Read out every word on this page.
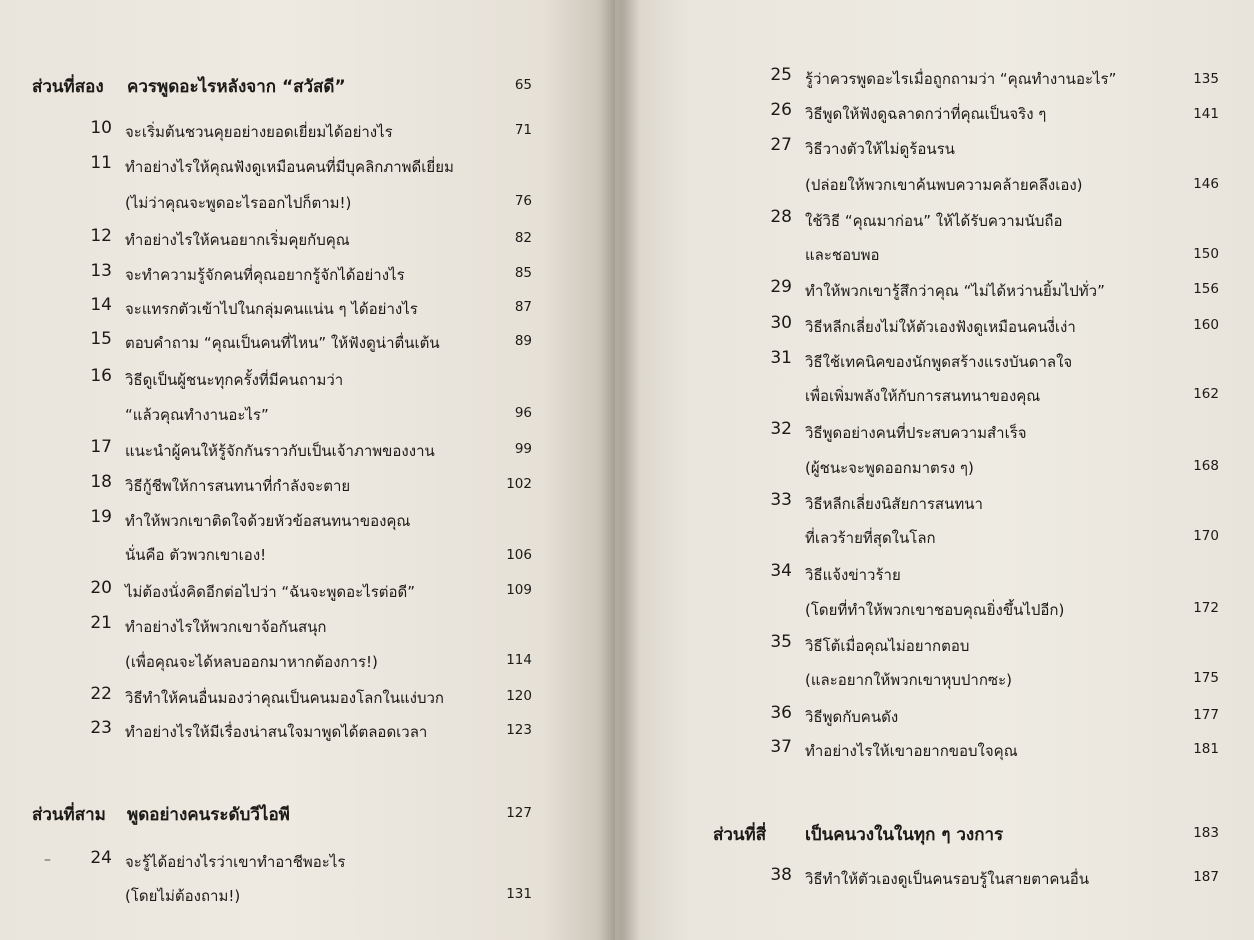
ส่วนที่สอง ควรพูดอะไรหลังจาก “สวัสดี”	65
10 จะเริ่มต้นชวนคุยอย่างยอดเยี่ยมได้อย่างไร	71
11 ทำอย่างไรให้คุณฟังดูเหมือนคนที่มีบุคลิกภาพดีเยี่ยม
(ไม่ว่าคุณจะพูดอะไรออกไปก็ตาม!)	76
12 ทำอย่างไรให้คนอยากเริ่มคุยกับคุณ	82
13 จะทำความรู้จักคนที่คุณอยากรู้จักได้อย่างไร	85
14 จะแทรกตัวเข้าไปในกลุ่มคนแน่น ๆ ได้อย่างไร	87
15 ตอบคำถาม “คุณเป็นคนที่ไหน” ให้ฟังดูน่าตื่นเต้น	89
16 วิธีดูเป็นผู้ชนะทุกครั้งที่มีคนถามว่า
“แล้วคุณทำงานอะไร”	96
17 แนะนำผู้คนให้รู้จักกันราวกับเป็นเจ้าภาพของงาน	99
18 วิธีกู้ชีพให้การสนทนาที่กำลังจะตาย	102
19 ทำให้พวกเขาติดใจด้วยหัวข้อสนทนาของคุณ
นั่นคือ ตัวพวกเขาเอง!	106
20 ไม่ต้องนั่งคิดอีกต่อไปว่า “ฉันจะพูดอะไรต่อดี”	109
21 ทำอย่างไรให้พวกเขาจ้อกันสนุก
(เพื่อคุณจะได้หลบออกมาหากต้องการ!)	114
22 วิธีทำให้คนอื่นมองว่าคุณเป็นคนมองโลกในแง่บวก	120
23 ทำอย่างไรให้มีเรื่องน่าสนใจมาพูดได้ตลอดเวลา	123
ส่วนที่สาม พูดอย่างคนระดับวีไอพี	127
–	24 จะรู้ได้อย่างไรว่าเขาทำอาชีพอะไร
(โดยไม่ต้องถาม!)	131
25 รู้ว่าควรพูดอะไรเมื่อถูกถามว่า “คุณทำงานอะไร”	135
26 วิธีพูดให้ฟังดูฉลาดกว่าที่คุณเป็นจริง ๆ	141
27 วิธีวางตัวให้ไม่ดูร้อนรน
(ปล่อยให้พวกเขาค้นพบความคล้ายคลึงเอง)	146
28 ใช้วิธี “คุณมาก่อน” ให้ได้รับความนับถือ
และชอบพอ	150
29 ทำให้พวกเขารู้สึกว่าคุณ “ไม่ได้หว่านยิ้มไปทั่ว”	156
30 วิธีหลีกเลี่ยงไม่ให้ตัวเองฟังดูเหมือนคนงี่เง่า	160
31 วิธีใช้เทคนิคของนักพูดสร้างแรงบันดาลใจ
เพื่อเพิ่มพลังให้กับการสนทนาของคุณ	162
32 วิธีพูดอย่างคนที่ประสบความสำเร็จ
(ผู้ชนะจะพูดออกมาตรง ๆ)	168
33 วิธีหลีกเลี่ยงนิสัยการสนทนา
ที่เลวร้ายที่สุดในโลก	170
34 วิธีแจ้งข่าวร้าย
(โดยที่ทำให้พวกเขาชอบคุณยิ่งขึ้นไปอีก)	172
35 วิธีโต้เมื่อคุณไม่อยากตอบ
(และอยากให้พวกเขาหุบปากซะ)	175
36 วิธีพูดกับคนดัง	177
37 ทำอย่างไรให้เขาอยากขอบใจคุณ	181
ส่วนที่สี่ เป็นคนวงในในทุก ๆ วงการ	183
38 วิธีทำให้ตัวเองดูเป็นคนรอบรู้ในสายตาคนอื่น	187
